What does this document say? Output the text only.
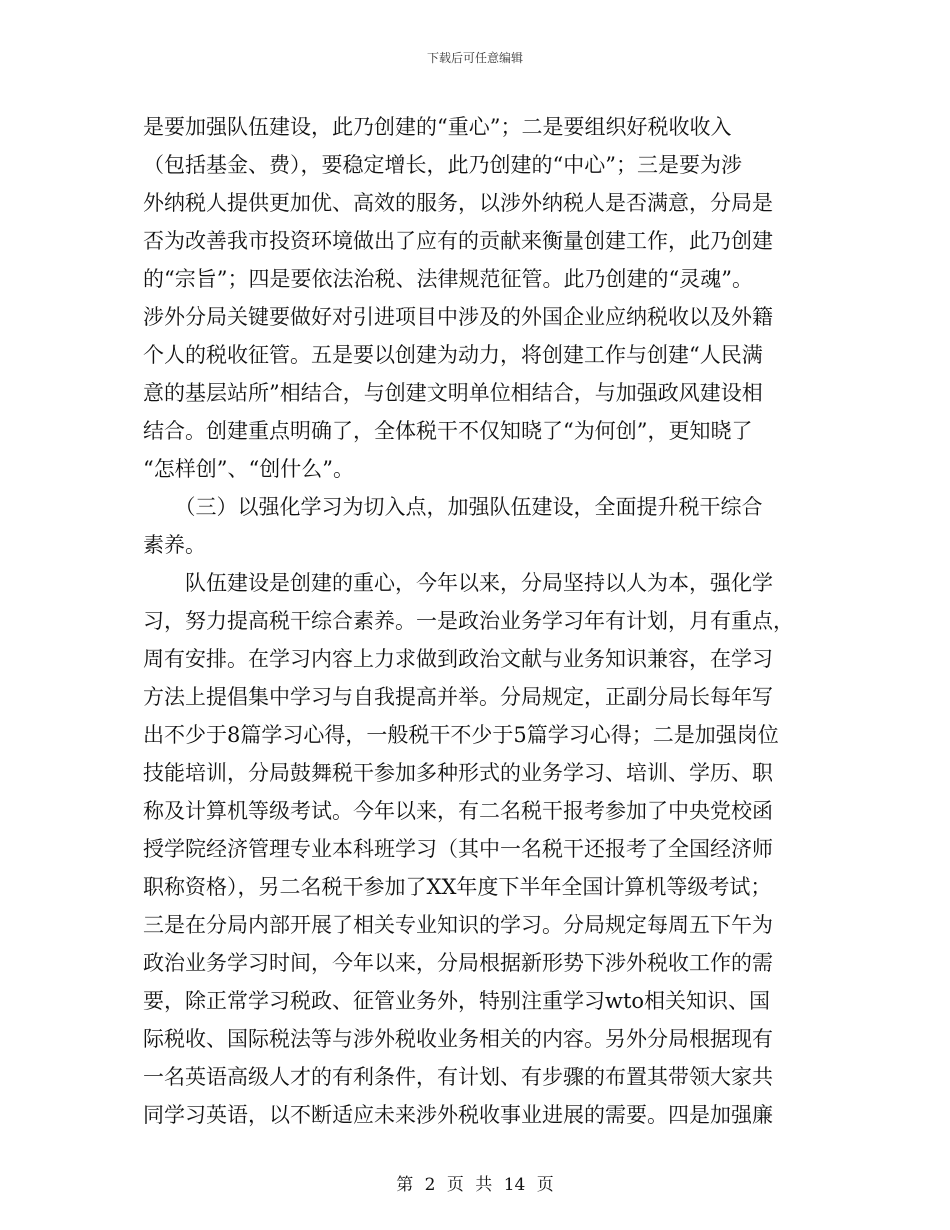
下载后可任意编辑
是要加强队伍建设，此乃创建的“重心”；二是要组织好税收收入
（包括基金、费），要稳定增长，此乃创建的“中心”；三是要为涉
外纳税人提供更加优、高效的服务，以涉外纳税人是否满意，分局是
否为改善我市投资环境做出了应有的贡献来衡量创建工作，此乃创建
的“宗旨”；四是要依法治税、法律规范征管。此乃创建的“灵魂”。
涉外分局关键要做好对引进项目中涉及的外国企业应纳税收以及外籍
个人的税收征管。五是要以创建为动力，将创建工作与创建“人民满
意的基层站所”相结合，与创建文明单位相结合，与加强政风建设相
结合。创建重点明确了，全体税干不仅知晓了“为何创”，更知晓了
“怎样创”、“创什么”。
　　（三）以强化学习为切入点，加强队伍建设，全面提升税干综合
素养。
　　队伍建设是创建的重心，今年以来，分局坚持以人为本，强化学
习，努力提高税干综合素养。一是政治业务学习年有计划，月有重点，
周有安排。在学习内容上力求做到政治文献与业务知识兼容，在学习
方法上提倡集中学习与自我提高并举。分局规定，正副分局长每年写
出不少于8篇学习心得，一般税干不少于5篇学习心得；二是加强岗位
技能培训，分局鼓舞税干参加多种形式的业务学习、培训、学历、职
称及计算机等级考试。今年以来，有二名税干报考参加了中央党校函
授学院经济管理专业本科班学习（其中一名税干还报考了全国经济师
职称资格），另二名税干参加了XX年度下半年全国计算机等级考试；
三是在分局内部开展了相关专业知识的学习。分局规定每周五下午为
政治业务学习时间，今年以来，分局根据新形势下涉外税收工作的需
要，除正常学习税政、征管业务外，特别注重学习wto相关知识、国
际税收、国际税法等与涉外税收业务相关的内容。另外分局根据现有
一名英语高级人才的有利条件，有计划、有步骤的布置其带领大家共
同学习英语，以不断适应未来涉外税收事业进展的需要。四是加强廉
第 2 页 共 14 页
